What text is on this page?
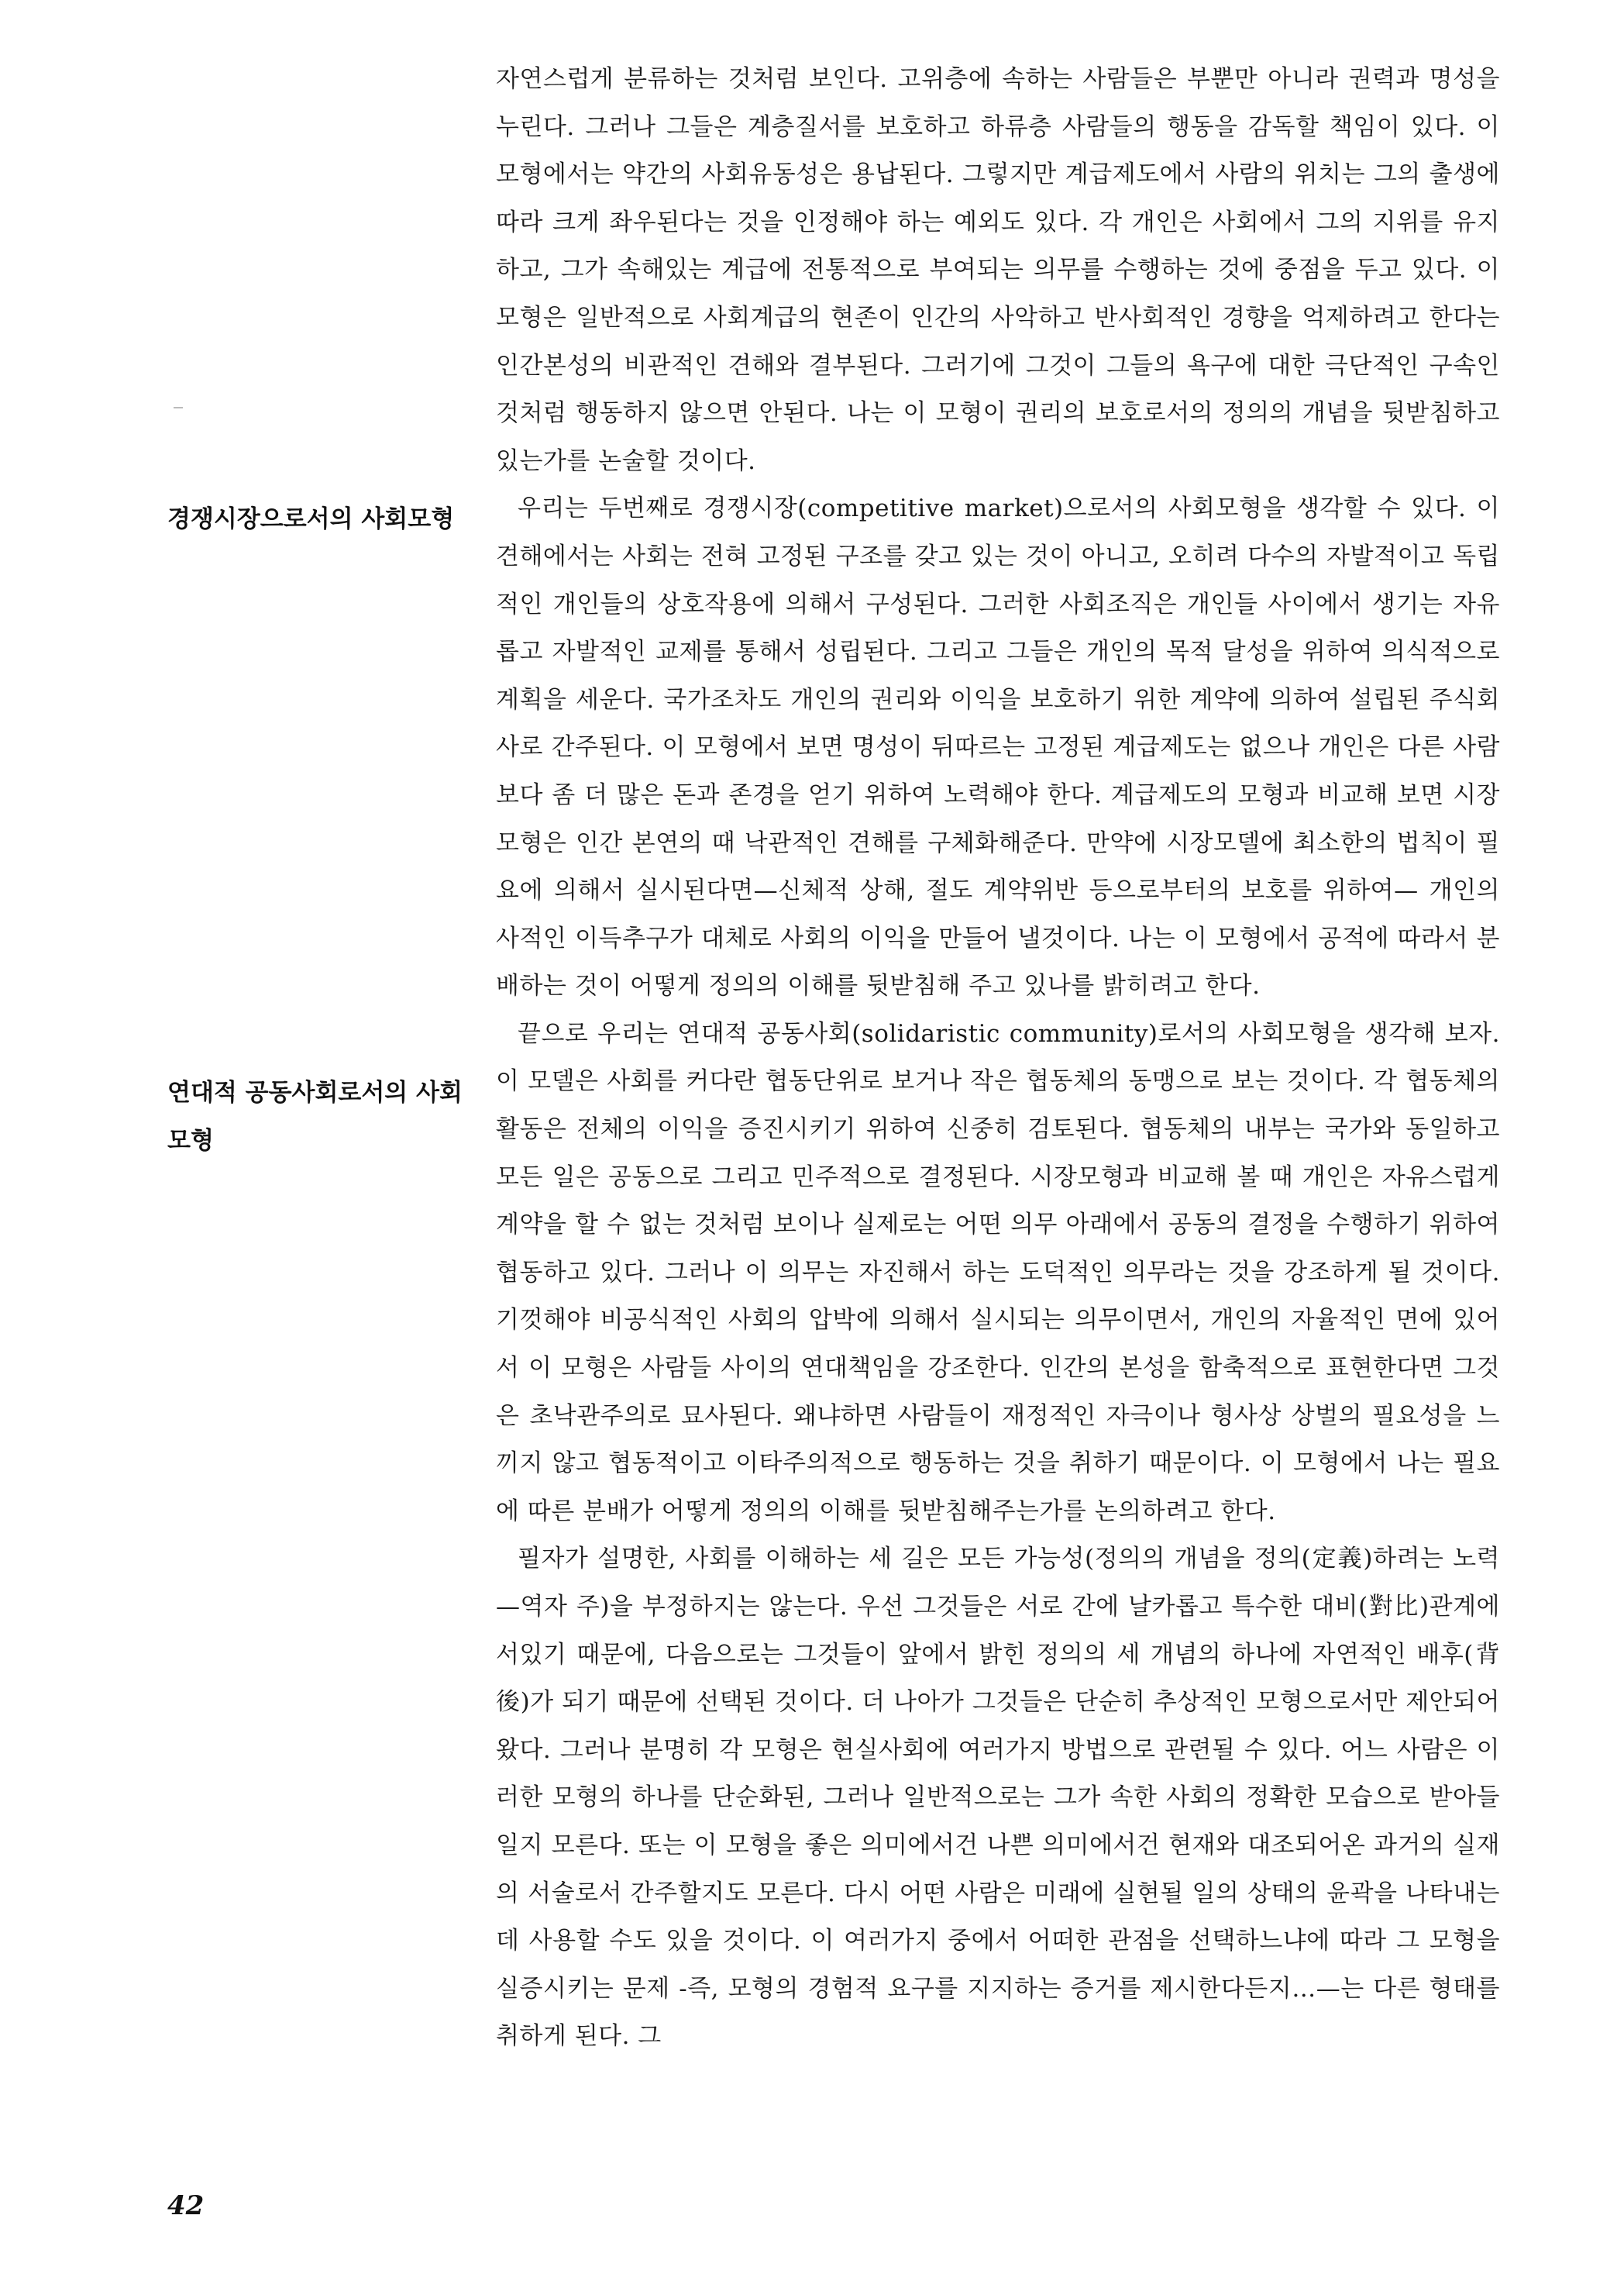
경쟁시장으로서의 사회모형
연대적 공동사회로서의 사회모형

자연스럽게 분류하는 것처럼 보인다. 고위층에 속하는 사람들은 부뿐만 아니라 권력과 명성을 누린다. 그러나 그들은 계층질서를 보호하고 하류층 사람들의 행동을 감독할 책임이 있다. 이 모형에서는 약간의 사회유동성은 용납된다. 그렇지만 계급제도에서 사람의 위치는 그의 출생에 따라 크게 좌우된다는 것을 인정해야 하는 예외도 있다. 각 개인은 사회에서 그의 지위를 유지하고, 그가 속해있는 계급에 전통적으로 부여되는 의무를 수행하는 것에 중점을 두고 있다. 이 모형은 일반적으로 사회계급의 현존이 인간의 사악하고 반사회적인 경향을 억제하려고 한다는 인간본성의 비관적인 견해와 결부된다. 그러기에 그것이 그들의 욕구에 대한 극단적인 구속인 것처럼 행동하지 않으면 안된다. 나는 이 모형이 권리의 보호로서의 정의의 개념을 뒷받침하고 있는가를 논술할 것이다.

우리는 두번째로 경쟁시장(competitive market)으로서의 사회모형을 생각할 수 있다. 이 견해에서는 사회는 전혀 고정된 구조를 갖고 있는 것이 아니고, 오히려 다수의 자발적이고 독립적인 개인들의 상호작용에 의해서 구성된다. 그러한 사회조직은 개인들 사이에서 생기는 자유롭고 자발적인 교제를 통해서 성립된다. 그리고 그들은 개인의 목적 달성을 위하여 의식적으로 계획을 세운다. 국가조차도 개인의 권리와 이익을 보호하기 위한 계약에 의하여 설립된 주식회사로 간주된다. 이 모형에서 보면 명성이 뒤따르는 고정된 계급제도는 없으나 개인은 다른 사람보다 좀 더 많은 돈과 존경을 얻기 위하여 노력해야 한다. 계급제도의 모형과 비교해 보면 시장모형은 인간 본연의 때 낙관적인 견해를 구체화해준다. 만약에 시장모델에 최소한의 법칙이 필요에 의해서 실시된다면—신체적 상해, 절도 계약위반 등으로부터의 보호를 위하여— 개인의 사적인 이득추구가 대체로 사회의 이익을 만들어 낼것이다. 나는 이 모형에서 공적에 따라서 분배하는 것이 어떻게 정의의 이해를 뒷받침해 주고 있나를 밝히려고 한다.

끝으로 우리는 연대적 공동사회(solidaristic community)로서의 사회모형을 생각해 보자. 이 모델은 사회를 커다란 협동단위로 보거나 작은 협동체의 동맹으로 보는 것이다. 각 협동체의 활동은 전체의 이익을 증진시키기 위하여 신중히 검토된다. 협동체의 내부는 국가와 동일하고 모든 일은 공동으로 그리고 민주적으로 결정된다. 시장모형과 비교해 볼 때 개인은 자유스럽게 계약을 할 수 없는 것처럼 보이나 실제로는 어떤 의무 아래에서 공동의 결정을 수행하기 위하여 협동하고 있다. 그러나 이 의무는 자진해서 하는 도덕적인 의무라는 것을 강조하게 될 것이다. 기껏해야 비공식적인 사회의 압박에 의해서 실시되는 의무이면서, 개인의 자율적인 면에 있어서 이 모형은 사람들 사이의 연대책임을 강조한다. 인간의 본성을 함축적으로 표현한다면 그것은 초낙관주의로 묘사된다. 왜냐하면 사람들이 재정적인 자극이나 형사상 상벌의 필요성을 느끼지 않고 협동적이고 이타주의적으로 행동하는 것을 취하기 때문이다. 이 모형에서 나는 필요에 따른 분배가 어떻게 정의의 이해를 뒷받침해주는가를 논의하려고 한다.

필자가 설명한, 사회를 이해하는 세 길은 모든 가능성(정의의 개념을 정의(定義)하려는 노력—역자 주)을 부정하지는 않는다. 우선 그것들은 서로 간에 날카롭고 특수한 대비(對比)관계에 서있기 때문에, 다음으로는 그것들이 앞에서 밝힌 정의의 세 개념의 하나에 자연적인 배후(背後)가 되기 때문에 선택된 것이다. 더 나아가 그것들은 단순히 추상적인 모형으로서만 제안되어 왔다. 그러나 분명히 각 모형은 현실사회에 여러가지 방법으로 관련될 수 있다. 어느 사람은 이러한 모형의 하나를 단순화된, 그러나 일반적으로는 그가 속한 사회의 정확한 모습으로 받아들일지 모른다. 또는 이 모형을 좋은 의미에서건 나쁜 의미에서건 현재와 대조되어온 과거의 실재의 서술로서 간주할지도 모른다. 다시 어떤 사람은 미래에 실현될 일의 상태의 윤곽을 나타내는 데 사용할 수도 있을 것이다. 이 여러가지 중에서 어떠한 관점을 선택하느냐에 따라 그 모형을 실증시키는 문제 -즉, 모형의 경험적 요구를 지지하는 증거를 제시한다든지…—는 다른 형태를 취하게 된다. 그

42
